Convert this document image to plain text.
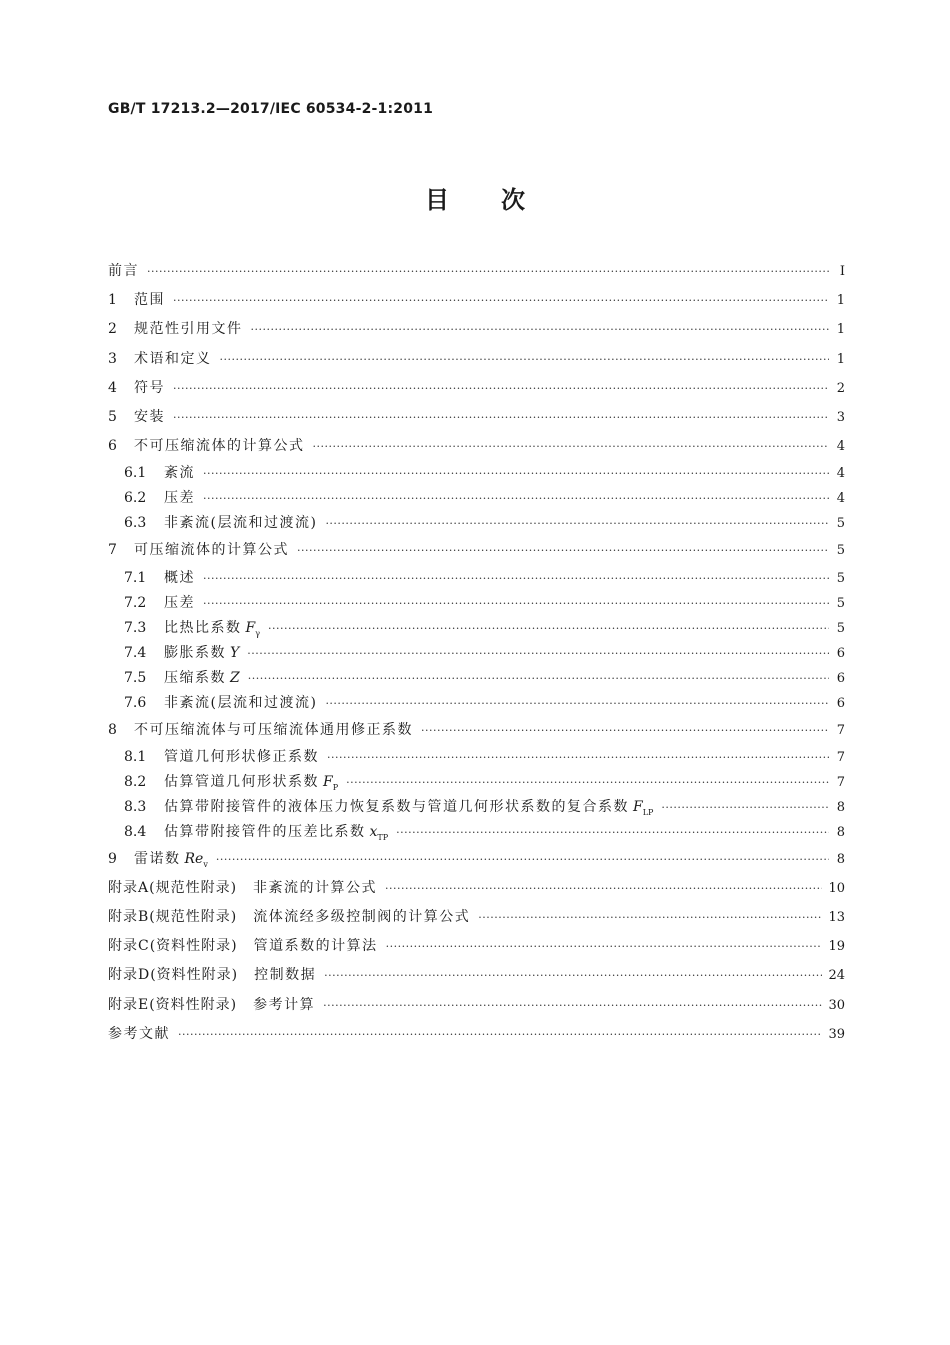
GB/T 17213.2—2017/IEC 60534-2-1:2011
目 次
前言 ·····	Ⅰ
1	范围 ·····	1
2	规范性引用文件 ·····	1
3	术语和定义 ·····	1
4	符号 ·····	2
5	安装 ·····	3
6	不可压缩流体的计算公式 ·····	4
6.1	紊流 ·····	4
6.2	压差 ·····	4
6.3	非紊流(层流和过渡流) ·····	5
7	可压缩流体的计算公式 ·····	5
7.1	概述 ·····	5
7.2	压差 ·····	5
7.3	比热比系数 $F_\gamma$ ·····	5
7.4	膨胀系数 Y ·····	6
7.5	压缩系数 Z ·····	6
7.6	非紊流(层流和过渡流) ·····	6
8	不可压缩流体与可压缩流体通用修正系数 ·····	7
8.1	管道几何形状修正系数 ·····	7
8.2	估算管道几何形状系数 $F_P$ ·····	7
8.3	估算带附接管件的液体压力恢复系数与管道几何形状系数的复合系数 $F_{LP}$ ·····	8
8.4	估算带附接管件的压差比系数 $x_{TP}$ ·····	8
9	雷诺数 $Re_v$ ·····	8
附录A(规范性附录) 非紊流的计算公式 ·····	10
附录B(规范性附录) 流体流经多级控制阀的计算公式 ·····	13
附录C(资料性附录) 管道系数的计算法 ·····	19
附录D(资料性附录) 控制数据 ·····	24
附录E(资料性附录) 参考计算 ·····	30
参考文献 ·····	39
